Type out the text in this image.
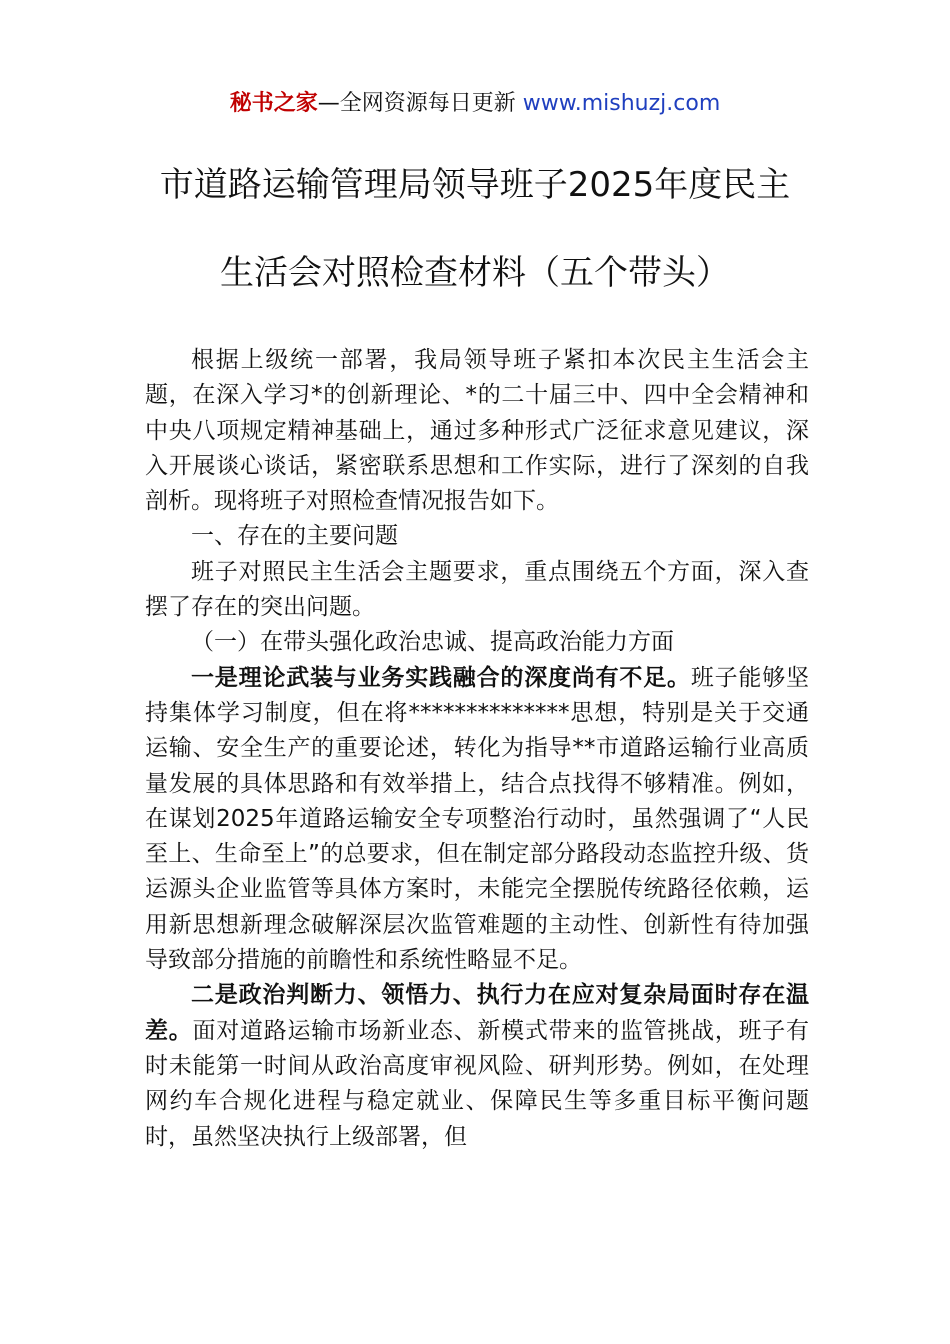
秘书之家—全网资源每日更新 www.mishuzj.com
市道路运输管理局领导班子2025年度民主
生活会对照检查材料（五个带头）

根据上级统一部署，我局领导班子紧扣本次民主生活会主题，在深入学习*的创新理论、*的二十届三中、四中全会精神和中央八项规定精神基础上，通过多种形式广泛征求意见建议，深入开展谈心谈话，紧密联系思想和工作实际，进行了深刻的自我剖析。现将班子对照检查情况报告如下。

一、存在的主要问题

班子对照民主生活会主题要求，重点围绕五个方面，深入查摆了存在的突出问题。

（一）在带头强化政治忠诚、提高政治能力方面

一是理论武装与业务实践融合的深度尚有不足。班子能够坚持集体学习制度，但在将**************思想，特别是关于交通运输、安全生产的重要论述，转化为指导**市道路运输行业高质量发展的具体思路和有效举措上，结合点找得不够精准。例如，在谋划2025年道路运输安全专项整治行动时，虽然强调了“人民至上、生命至上”的总要求，但在制定部分路段动态监控升级、货运源头企业监管等具体方案时，未能完全摆脱传统路径依赖，运用新思想新理念破解深层次监管难题的主动性、创新性有待加强导致部分措施的前瞻性和系统性略显不足。

二是政治判断力、领悟力、执行力在应对复杂局面时存在温差。面对道路运输市场新业态、新模式带来的监管挑战，班子有时未能第一时间从政治高度审视风险、研判形势。例如，在处理网约车合规化进程与稳定就业、保障民生等多重目标平衡问题时，虽然坚决执行上级部署，但
